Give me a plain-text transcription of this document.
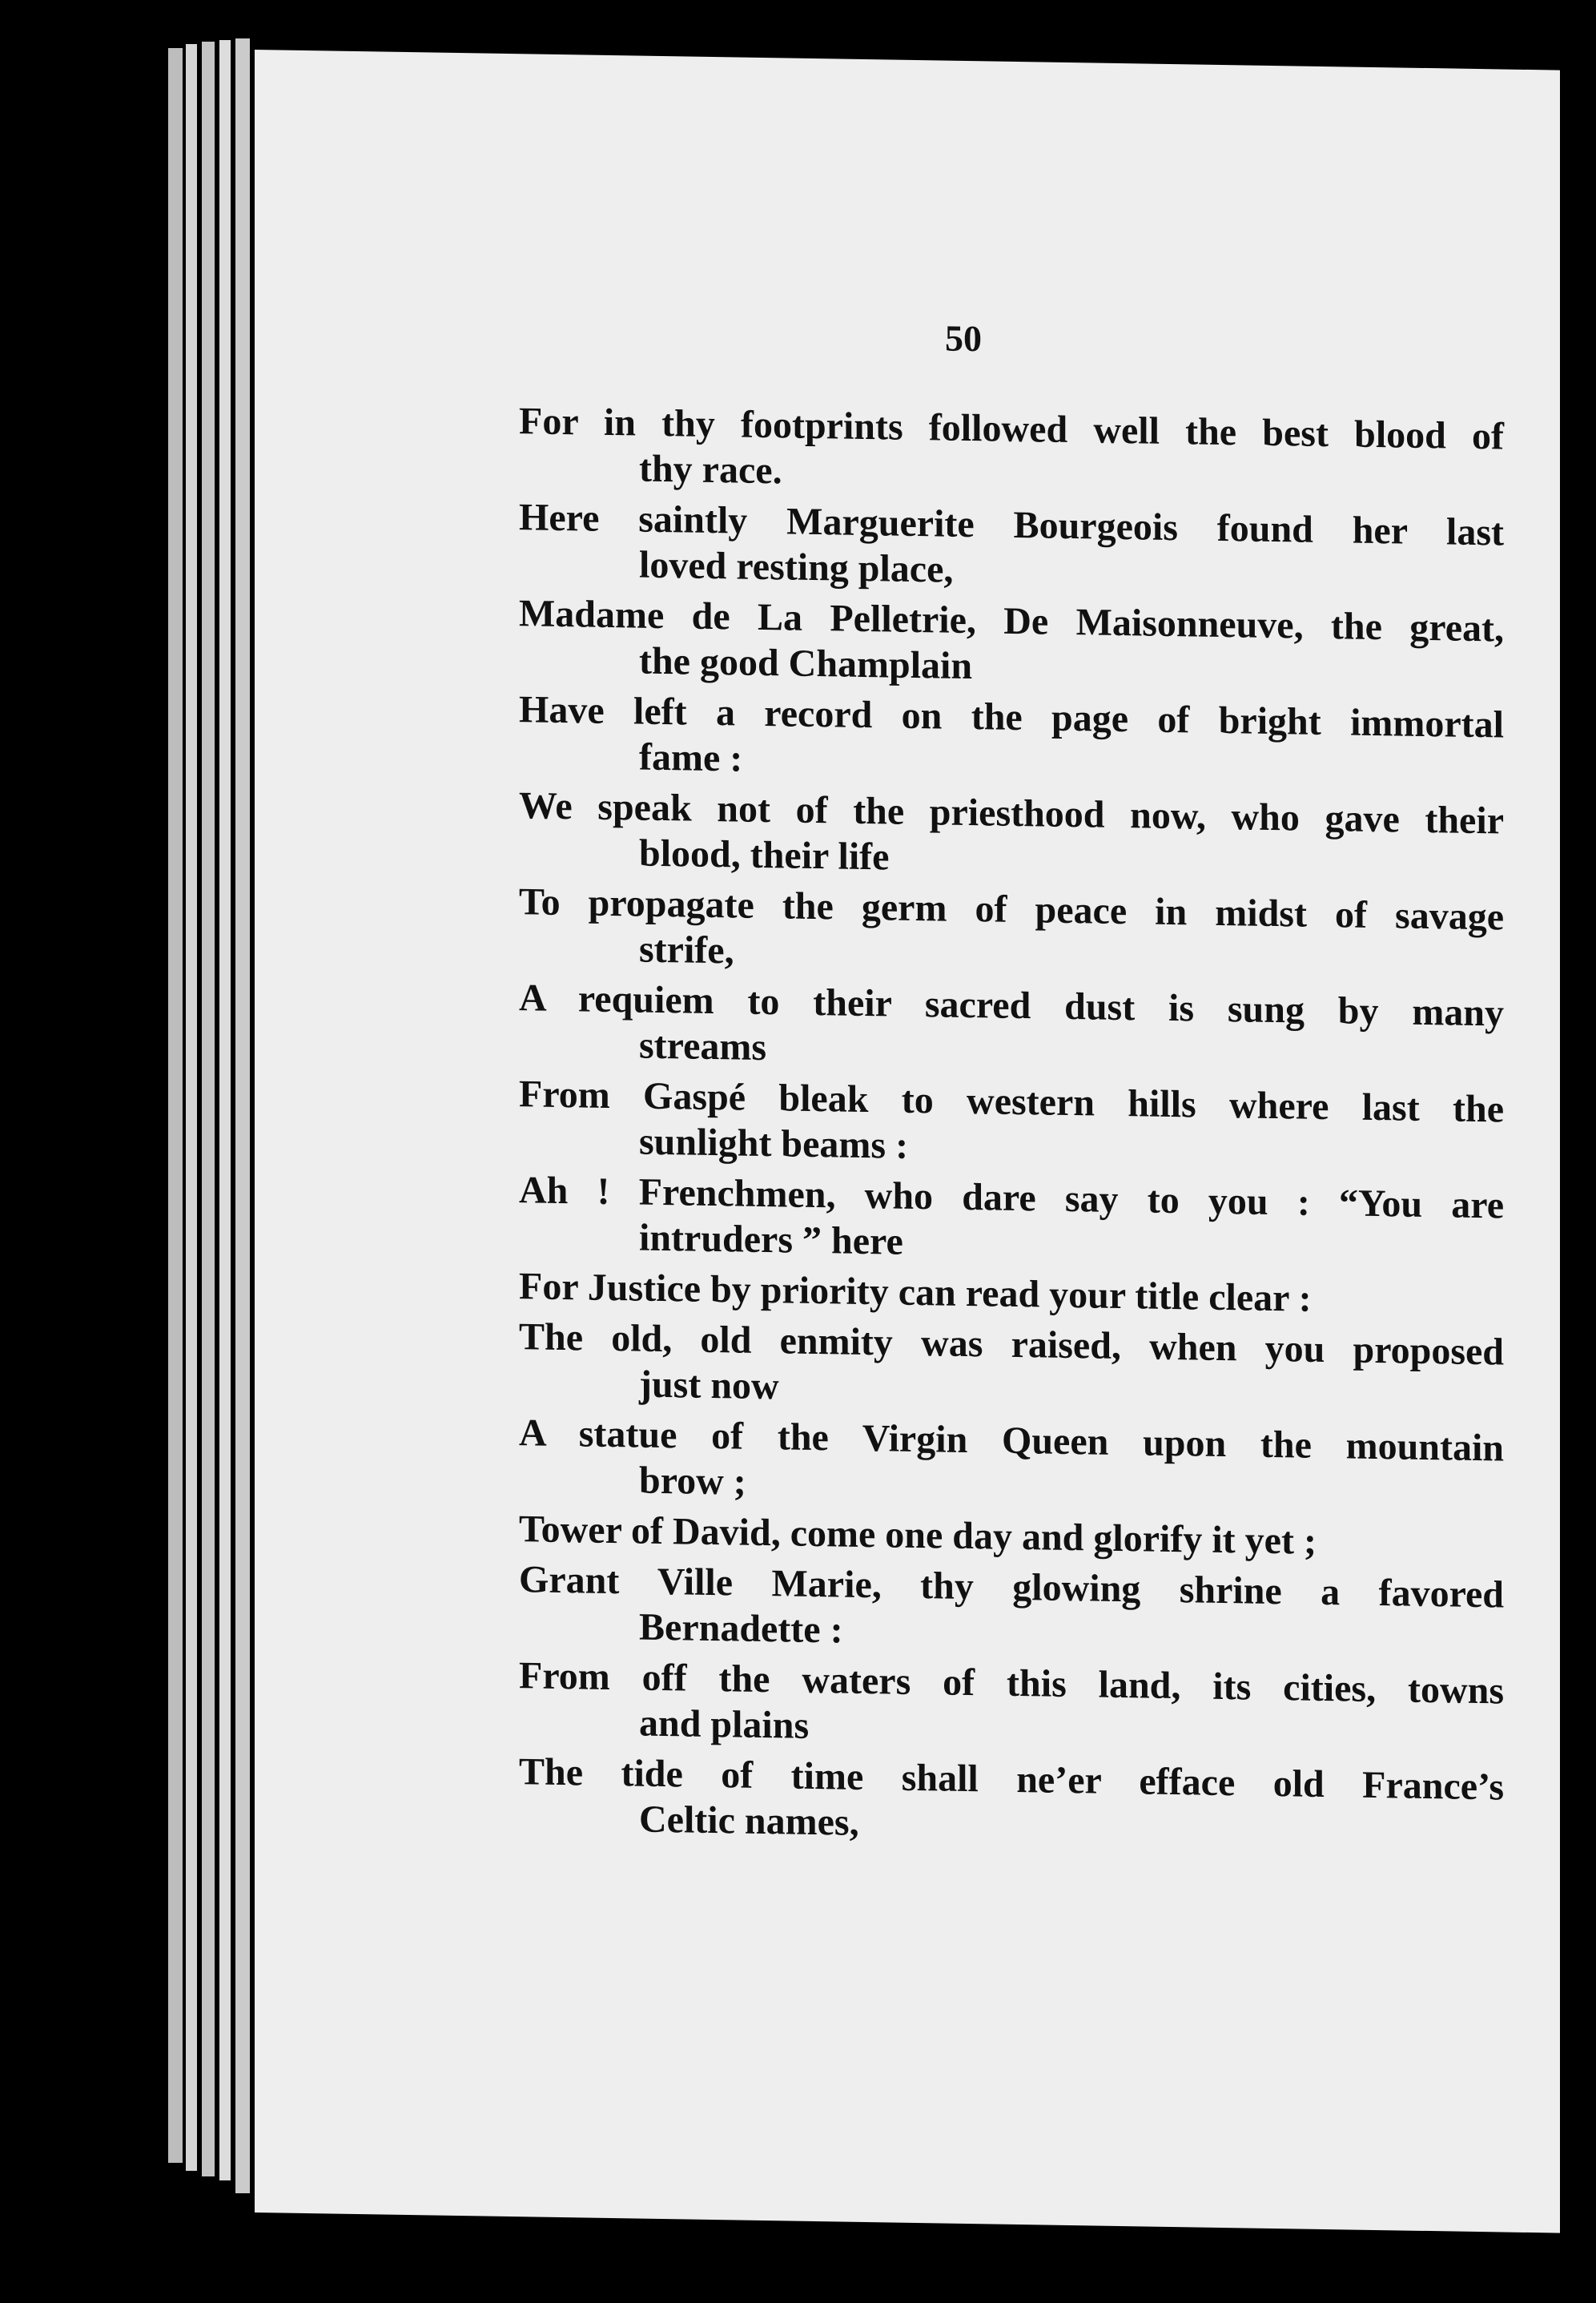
50

For in thy footprints followed well the best blood of
thy race.

Here saintly Marguerite Bourgeois found her last
loved resting place,

Madame de La Pelletrie, De Maisonneuve, the great,
the good Champlain

Have left a record on the page of bright immortal
fame :

We speak not of the priesthood now, who gave their
blood, their life

To propagate the germ of peace in midst of savage
strife,

A requiem to their sacred dust is sung by many
streams

From Gaspé bleak to western hills where last the
sunlight beams :

Ah ! Frenchmen, who dare say to you : “You are
intruders ” here

For Justice by priority can read your title clear :

The old, old enmity was raised, when you proposed
just now

A statue of the Virgin Queen upon the mountain
brow ;

Tower of David, come one day and glorify it yet ;

Grant Ville Marie, thy glowing shrine a favored
Bernadette :

From off the waters of this land, its cities, towns
and plains

The tide of time shall ne’er efface old France’s
Celtic names,
